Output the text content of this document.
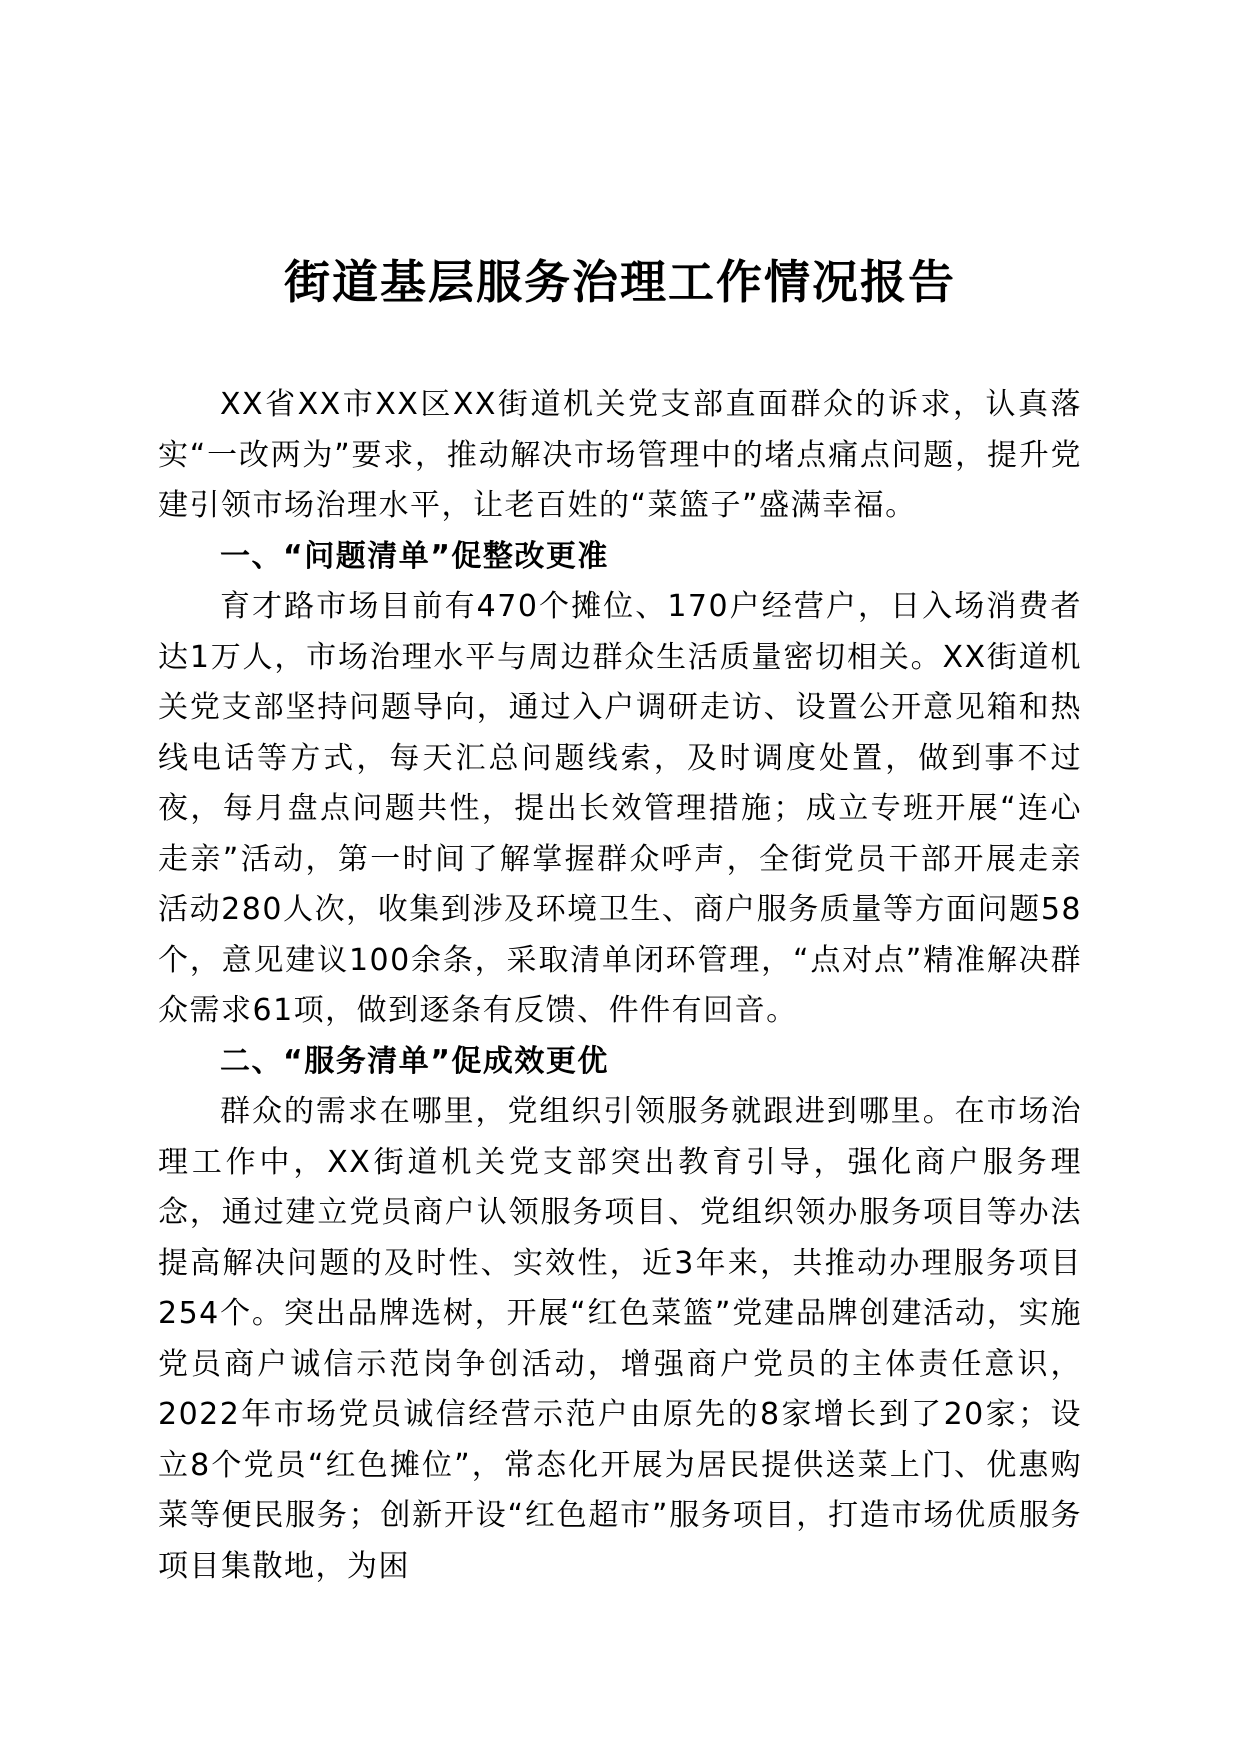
街道基层服务治理工作情况报告

XX省XX市XX区XX街道机关党支部直面群众的诉求，认真落实“一改两为”要求，推动解决市场管理中的堵点痛点问题，提升党建引领市场治理水平，让老百姓的“菜篮子”盛满幸福。

一、“问题清单”促整改更准

育才路市场目前有470个摊位、170户经营户，日入场消费者达1万人，市场治理水平与周边群众生活质量密切相关。XX街道机关党支部坚持问题导向，通过入户调研走访、设置公开意见箱和热线电话等方式，每天汇总问题线索，及时调度处置，做到事不过夜，每月盘点问题共性，提出长效管理措施；成立专班开展“连心走亲”活动，第一时间了解掌握群众呼声，全街党员干部开展走亲活动280人次，收集到涉及环境卫生、商户服务质量等方面问题58个，意见建议100余条，采取清单闭环管理，“点对点”精准解决群众需求61项，做到逐条有反馈、件件有回音。

二、“服务清单”促成效更优

群众的需求在哪里，党组织引领服务就跟进到哪里。在市场治理工作中，XX街道机关党支部突出教育引导，强化商户服务理念，通过建立党员商户认领服务项目、党组织领办服务项目等办法提高解决问题的及时性、实效性，近3年来，共推动办理服务项目254个。突出品牌选树，开展“红色菜篮”党建品牌创建活动，实施党员商户诚信示范岗争创活动，增强商户党员的主体责任意识，2022年市场党员诚信经营示范户由原先的8家增长到了20家；设立8个党员“红色摊位”，常态化开展为居民提供送菜上门、优惠购菜等便民服务；创新开设“红色超市”服务项目，打造市场优质服务项目集散地，为困
